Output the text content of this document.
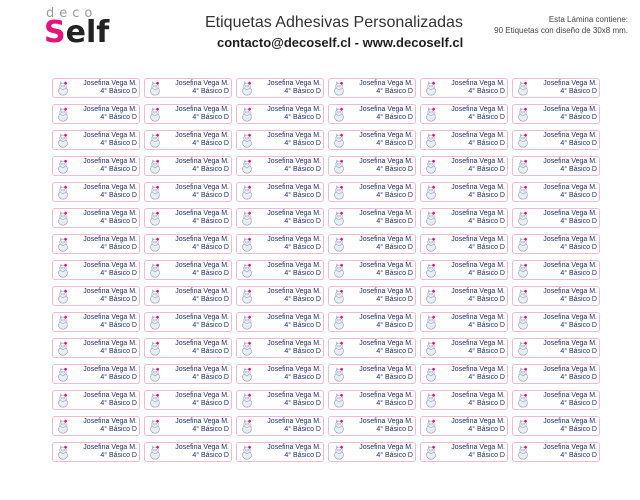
deco
Self	Etiquetas Adhesivas Personalizadas
contacto@decoself.cl - www.decoself.cl
Esta Lámina contiene:
90 Etiquetas con diseño de 30x8 mm.
Josefina Vega M.
4° Básico D
Josefina Vega M.
4° Básico D
Josefina Vega M.
4° Básico D
Josefina Vega M.
4° Básico D
Josefina Vega M.
4° Básico D
Josefina Vega M.
4° Básico D
Josefina Vega M.
4° Básico D
Josefina Vega M.
4° Básico D
Josefina Vega M.
4° Básico D
Josefina Vega M.
4° Básico D
Josefina Vega M.
4° Básico D
Josefina Vega M.
4° Básico D
Josefina Vega M.
4° Básico D
Josefina Vega M.
4° Básico D
Josefina Vega M.
4° Básico D
Josefina Vega M.
4° Básico D
Josefina Vega M.
4° Básico D
Josefina Vega M.
4° Básico D
Josefina Vega M.
4° Básico D
Josefina Vega M.
4° Básico D
Josefina Vega M.
4° Básico D
Josefina Vega M.
4° Básico D
Josefina Vega M.
4° Básico D
Josefina Vega M.
4° Básico D
Josefina Vega M.
4° Básico D
Josefina Vega M.
4° Básico D
Josefina Vega M.
4° Básico D
Josefina Vega M.
4° Básico D
Josefina Vega M.
4° Básico D
Josefina Vega M.
4° Básico D
Josefina Vega M.
4° Básico D
Josefina Vega M.
4° Básico D
Josefina Vega M.
4° Básico D
Josefina Vega M.
4° Básico D
Josefina Vega M.
4° Básico D
Josefina Vega M.
4° Básico D
Josefina Vega M.
4° Básico D
Josefina Vega M.
4° Básico D
Josefina Vega M.
4° Básico D
Josefina Vega M.
4° Básico D
Josefina Vega M.
4° Básico D
Josefina Vega M.
4° Básico D
Josefina Vega M.
4° Básico D
Josefina Vega M.
4° Básico D
Josefina Vega M.
4° Básico D
Josefina Vega M.
4° Básico D
Josefina Vega M.
4° Básico D
Josefina Vega M.
4° Básico D
Josefina Vega M.
4° Básico D
Josefina Vega M.
4° Básico D
Josefina Vega M.
4° Básico D
Josefina Vega M.
4° Básico D
Josefina Vega M.
4° Básico D
Josefina Vega M.
4° Básico D
Josefina Vega M.
4° Básico D
Josefina Vega M.
4° Básico D
Josefina Vega M.
4° Básico D
Josefina Vega M.
4° Básico D
Josefina Vega M.
4° Básico D
Josefina Vega M.
4° Básico D
Josefina Vega M.
4° Básico D
Josefina Vega M.
4° Básico D
Josefina Vega M.
4° Básico D
Josefina Vega M.
4° Básico D
Josefina Vega M.
4° Básico D
Josefina Vega M.
4° Básico D
Josefina Vega M.
4° Básico D
Josefina Vega M.
4° Básico D
Josefina Vega M.
4° Básico D
Josefina Vega M.
4° Básico D
Josefina Vega M.
4° Básico D
Josefina Vega M.
4° Básico D
Josefina Vega M.
4° Básico D
Josefina Vega M.
4° Básico D
Josefina Vega M.
4° Básico D
Josefina Vega M.
4° Básico D
Josefina Vega M.
4° Básico D
Josefina Vega M.
4° Básico D
Josefina Vega M.
4° Básico D
Josefina Vega M.
4° Básico D
Josefina Vega M.
4° Básico D
Josefina Vega M.
4° Básico D
Josefina Vega M.
4° Básico D
Josefina Vega M.
4° Básico D
Josefina Vega M.
4° Básico D
Josefina Vega M.
4° Básico D
Josefina Vega M.
4° Básico D
Josefina Vega M.
4° Básico D
Josefina Vega M.
4° Básico D
Josefina Vega M.
4° Básico D
